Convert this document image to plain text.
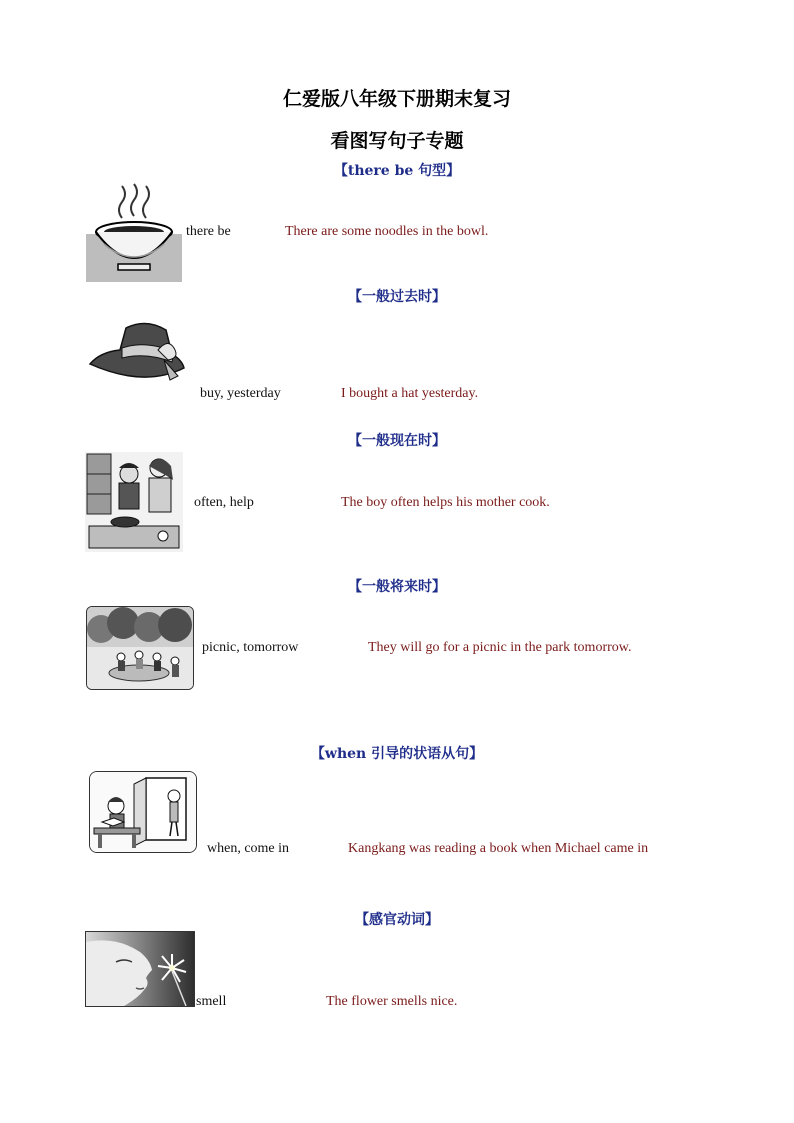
仁爱版八年级下册期末复习
看图写句子专题
【there be 句型】
there be	There are some noodles in the bowl.
【一般过去时】
buy, yesterday	I bought a hat yesterday.
【一般现在时】
often, help	The boy often helps his mother cook.
【一般将来时】
picnic, tomorrow	They will go for a picnic in the park tomorrow.
【when 引导的状语从句】
when, come in	Kangkang was reading a book when Michael came in
【感官动词】
smell	The flower smells nice.
